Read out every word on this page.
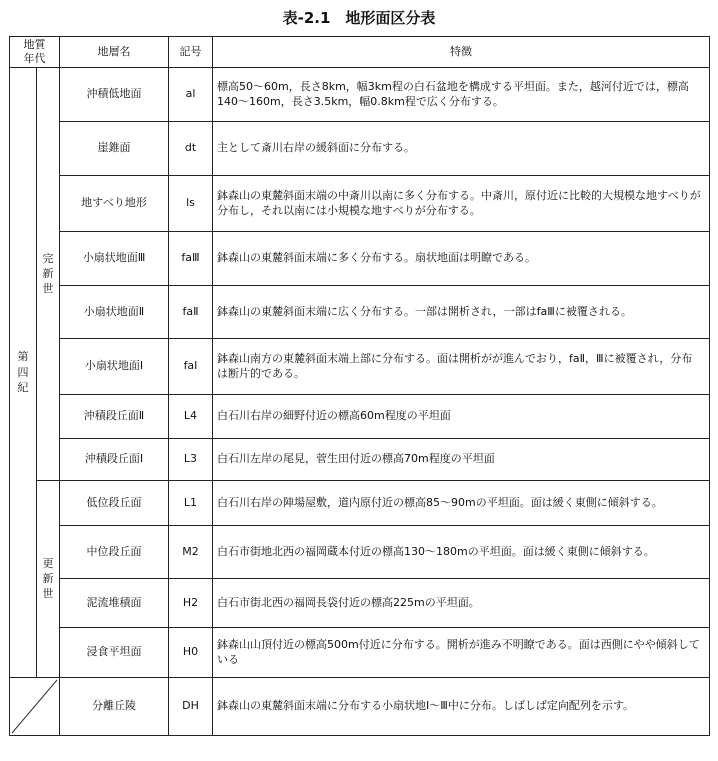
表-2.1　地形面区分表
地質年代		地層名	記号	特徴
第四紀	完新世	沖積低地面	al	標高50～60m，長さ8km，幅3km程の白石盆地を構成する平坦面。また，越河付近では，標高140～160m，長さ3.5km，幅0.8km程で広く分布する。
		崖錐面	dt	主として斎川右岸の緩斜面に分布する。
		地すべり地形	ls	鉢森山の東麓斜面末端の中斎川以南に多く分布する。中斎川，原付近に比較的大規模な地すべりが分布し，それ以南には小規模な地すべりが分布する。
		小扇状地面Ⅲ	faⅢ	鉢森山の東麓斜面末端に多く分布する。扇状地面は明瞭である。
		小扇状地面Ⅱ	faⅡ	鉢森山の東麓斜面末端に広く分布する。一部は開析され，一部はfaⅢに被覆される。
		小扇状地面Ⅰ	faⅠ	鉢森山南方の東麓斜面末端上部に分布する。面は開析がが進んでおり，faⅡ，Ⅲに被覆され，分布は断片的である。
		沖積段丘面Ⅱ	L4	白石川右岸の細野付近の標高60m程度の平坦面
		沖積段丘面Ⅰ	L3	白石川左岸の尾見，菅生田付近の標高70m程度の平坦面
	更新世	低位段丘面	L1	白石川右岸の陣場屋敷，道内原付近の標高85～90mの平坦面。面は緩く東側に傾斜する。
		中位段丘面	M2	白石市街地北西の福岡蔵本付近の標高130～180mの平坦面。面は緩く東側に傾斜する。
		泥流堆積面	H2	白石市街北西の福岡長袋付近の標高225mの平坦面。
		浸食平坦面	H0	鉢森山山頂付近の標高500m付近に分布する。開析が進み不明瞭である。面は西側にやや傾斜している

	分離丘陵	DH	鉢森山の東麓斜面末端に分布する小扇状地Ⅰ～Ⅲ中に分布。しばしば定向配列を示す。
